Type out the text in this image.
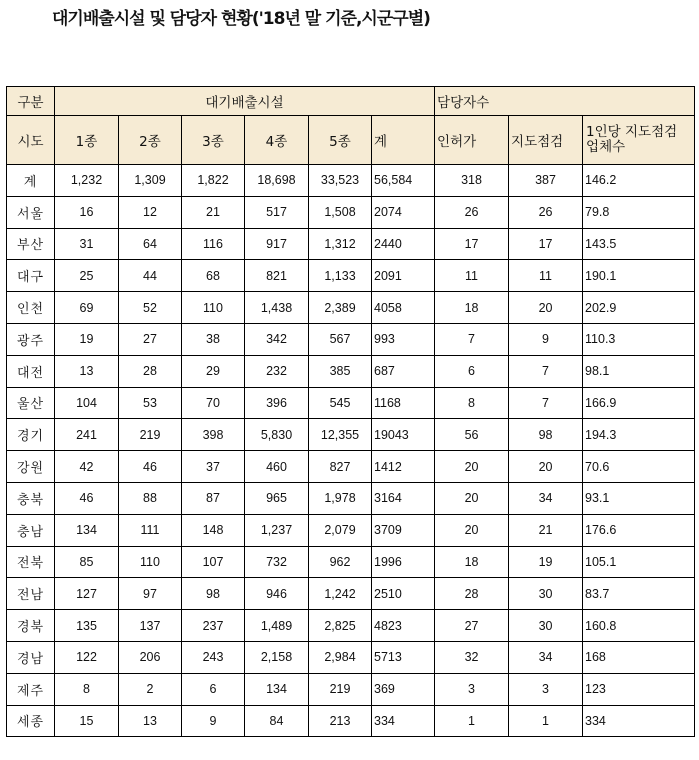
대기배출시설 및 담당자 현황('18년 말 기준,시군구별)
구분	대기배출시설						담당자수		
시도	1종	2종	3종	4종	5종	계	인허가	지도점검	1인당 지도점검 업체수
계	1,232	1,309	1,822	18,698	33,523	56,584	318	387	146.2
서울	16	12	21	517	1,508	2074	26	26	79.8
부산	31	64	116	917	1,312	2440	17	17	143.5
대구	25	44	68	821	1,133	2091	11	11	190.1
인천	69	52	110	1,438	2,389	4058	18	20	202.9
광주	19	27	38	342	567	993	7	9	110.3
대전	13	28	29	232	385	687	6	7	98.1
울산	104	53	70	396	545	1168	8	7	166.9
경기	241	219	398	5,830	12,355	19043	56	98	194.3
강원	42	46	37	460	827	1412	20	20	70.6
충북	46	88	87	965	1,978	3164	20	34	93.1
충남	134	111	148	1,237	2,079	3709	20	21	176.6
전북	85	110	107	732	962	1996	18	19	105.1
전남	127	97	98	946	1,242	2510	28	30	83.7
경북	135	137	237	1,489	2,825	4823	27	30	160.8
경남	122	206	243	2,158	2,984	5713	32	34	168
제주	8	2	6	134	219	369	3	3	123
세종	15	13	9	84	213	334	1	1	334
